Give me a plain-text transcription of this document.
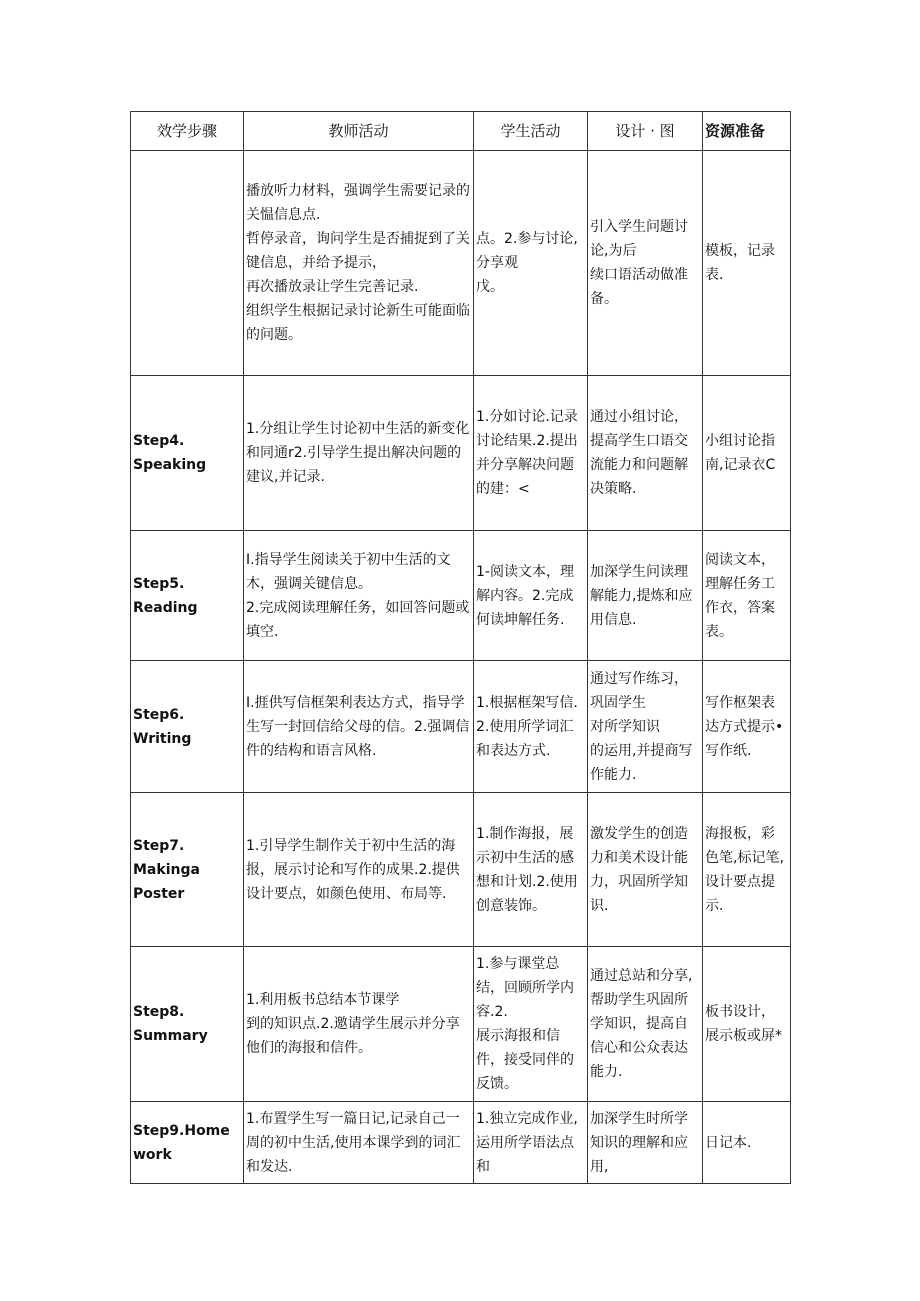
效学步骤	教师活动	学生活动	设计 · 图	资源准备

	播放听力材料，强调学生需要记录的关愠信息点.
哲停录音，询问学生是否捕捉到了关键信息，并给予提示，
再次播放录让学生完善记录.
组织学生根据记录讨论新生可能面临的问题。	点。2.参与讨论,分享观
戊。	引入学生问题讨论,为后
续口语活动做准备。	模板，记录表.

Step4.
Speaking	1.分组让学生讨论初中生活的新变化和同通r2.引导学生提出解决问题的建议,并记录.	1.分如讨论.记录讨论结果.2.提出并分享解决问题的建：<	通过小组讨论，提高学生口语交流能力和问题解决策略.	小组讨论指南,记录衣C

Step5.
Reading	I.指导学生阅读关于初中生活的文木，强调关键信息。
2.完成阅读理解任务，如回答问题或填空.	1-阅读文本，理解内容。2.完成何读坤解任务.	加深学生问读理解能力,提炼和应用信息.	阅读文本，理解任务工作衣，答案表。

Step6.
Writing	I.捱供写信框架利表达方式，指导学生写一封回信给父母的信。2.强调信件的结构和语言风格.	1.根据框架写信.2.使用所学词汇和表达方式.	通过写作练习，
巩固学生
对所学知识
的运用,并提商写作能力.	写作枢架表达方式提示•写作纸.

Step7.
Makinga
Poster	1.引导学生制作关于初中生活的海报，展示讨论和写作的成果.2.提供设计要点，如颜色使用、布局等.	1.制作海报，展示初中生活的感想和计划.2.使用创意装饰。	激发学生的创造力和美术设计能力，巩固所学知识.	海报板，彩色笔,标记笔,设计要点提示.

Step8.
Summary	1.利用板书总结本节课学
到的知识点.2.邀请学生展示并分享他们的海报和信件。	1.参与课堂总结，回顾所学内容.2.
展示海报和信件，接受同伴的反馈。	通过总站和分享,帮助学生巩固所学知识，提高自信心和公众表达能力.	板书设计，展示板或屏*

Step9.Homework	1.布置学生写一篇日记,记录自己一周的初中生活,使用本课学到的词汇和发达.	1.独立完成作业,运用所学语法点和	加深学生时所学知识的理解和应用,	日记本.
